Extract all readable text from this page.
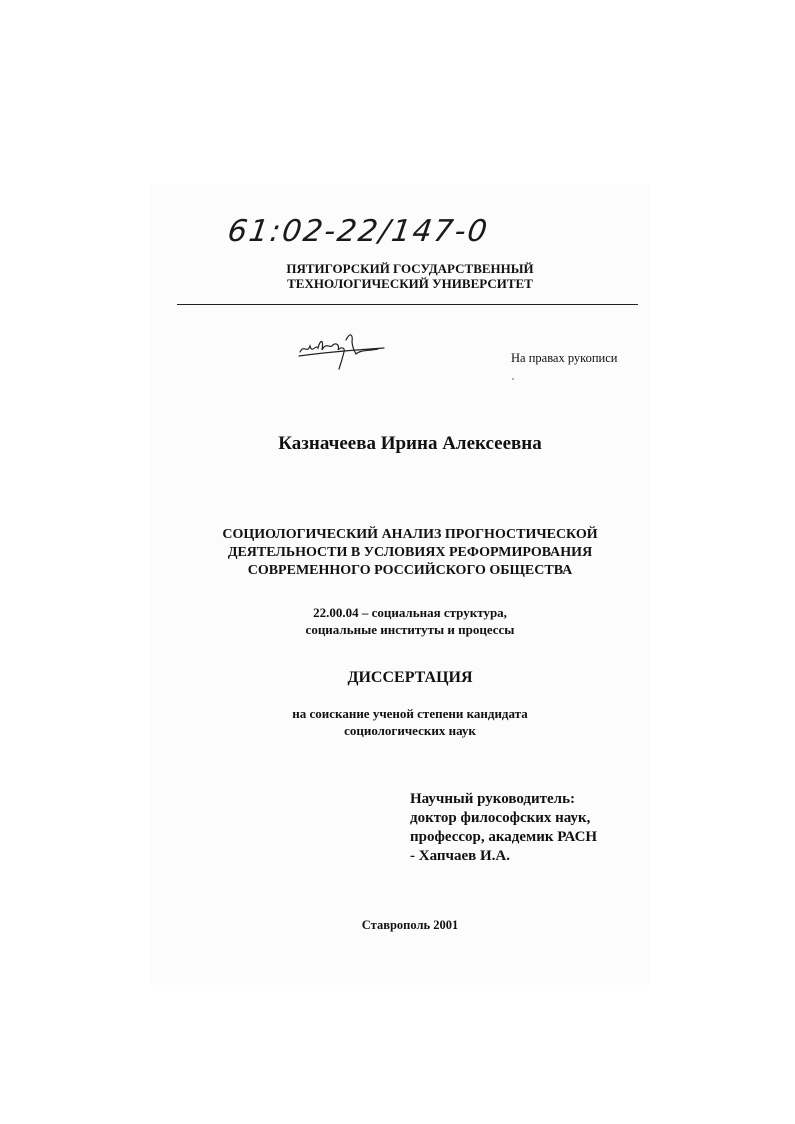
61:02-22/147-0
ПЯТИГОРСКИЙ ГОСУДАРСТВЕННЫЙ
ТЕХНОЛОГИЧЕСКИЙ УНИВЕРСИТЕТ
На правах рукописи
Казначеева Ирина Алексеевна
СОЦИОЛОГИЧЕСКИЙ АНАЛИЗ ПРОГНОСТИЧЕСКОЙ
ДЕЯТЕЛЬНОСТИ В УСЛОВИЯХ РЕФОРМИРОВАНИЯ
СОВРЕМЕННОГО РОССИЙСКОГО ОБЩЕСТВА
22.00.04 – социальная структура,
социальные институты и процессы
ДИССЕРТАЦИЯ
на соискание ученой степени кандидата
социологических наук
Научный руководитель:
доктор философских наук,
профессор, академик РАСН
- Хапчаев И.А.
Ставрополь 2001
